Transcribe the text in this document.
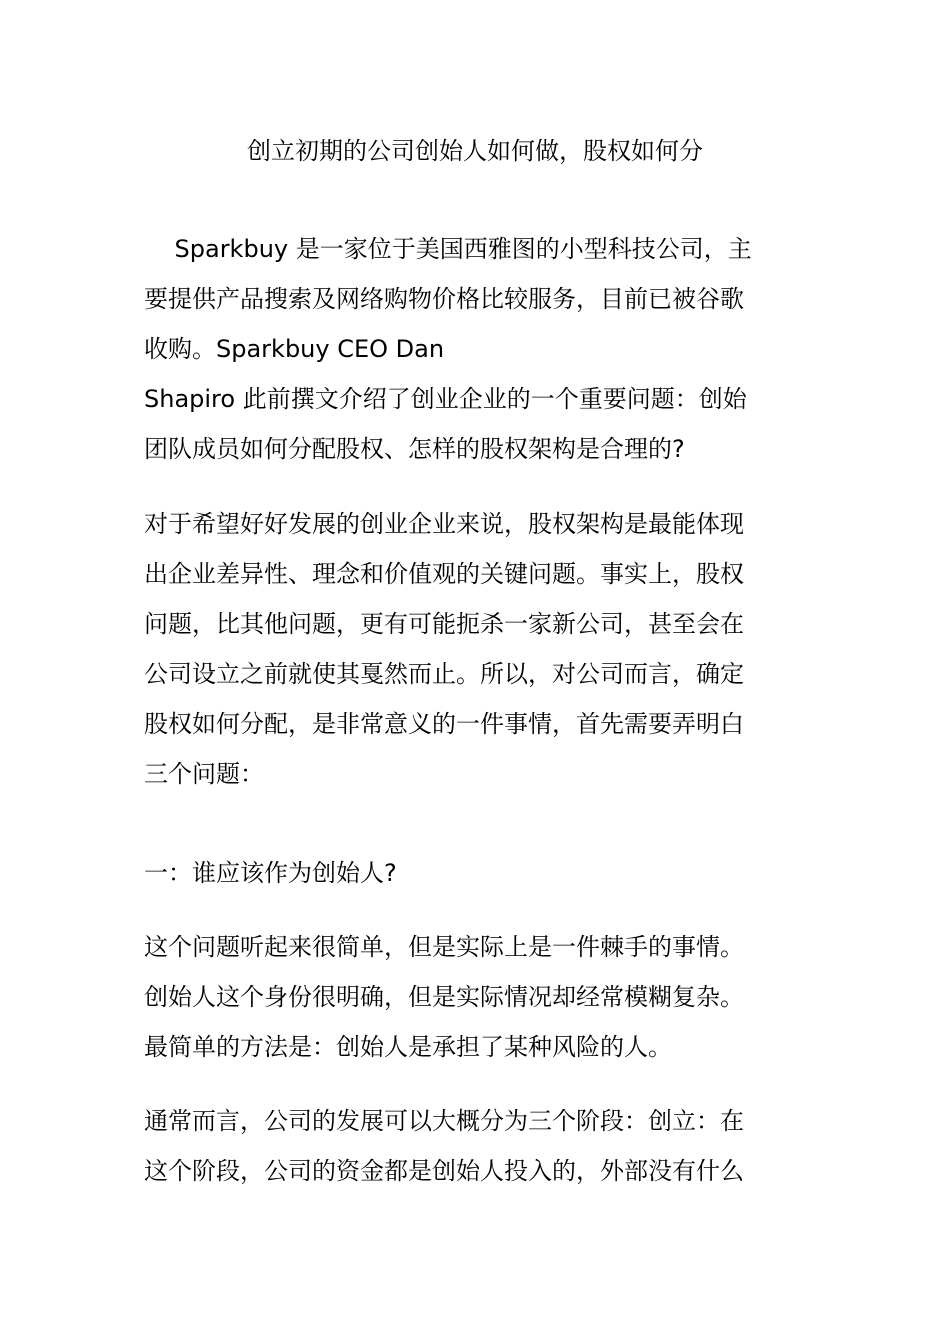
创立初期的公司创始人如何做，股权如何分
Sparkbuy 是一家位于美国西雅图的小型科技公司，主
要提供产品搜索及网络购物价格比较服务，目前已被谷歌
收购。Sparkbuy CEO Dan
Shapiro 此前撰文介绍了创业企业的一个重要问题：创始
团队成员如何分配股权、怎样的股权架构是合理的?
对于希望好好发展的创业企业来说，股权架构是最能体现
出企业差异性、理念和价值观的关键问题。事实上，股权
问题，比其他问题，更有可能扼杀一家新公司，甚至会在
公司设立之前就使其戛然而止。所以，对公司而言，确定
股权如何分配，是非常意义的一件事情，首先需要弄明白
三个问题：
一：谁应该作为创始人?
这个问题听起来很简单，但是实际上是一件棘手的事情。
创始人这个身份很明确，但是实际情况却经常模糊复杂。
最简单的方法是：创始人是承担了某种风险的人。
通常而言，公司的发展可以大概分为三个阶段：创立：在
这个阶段，公司的资金都是创始人投入的，外部没有什么
